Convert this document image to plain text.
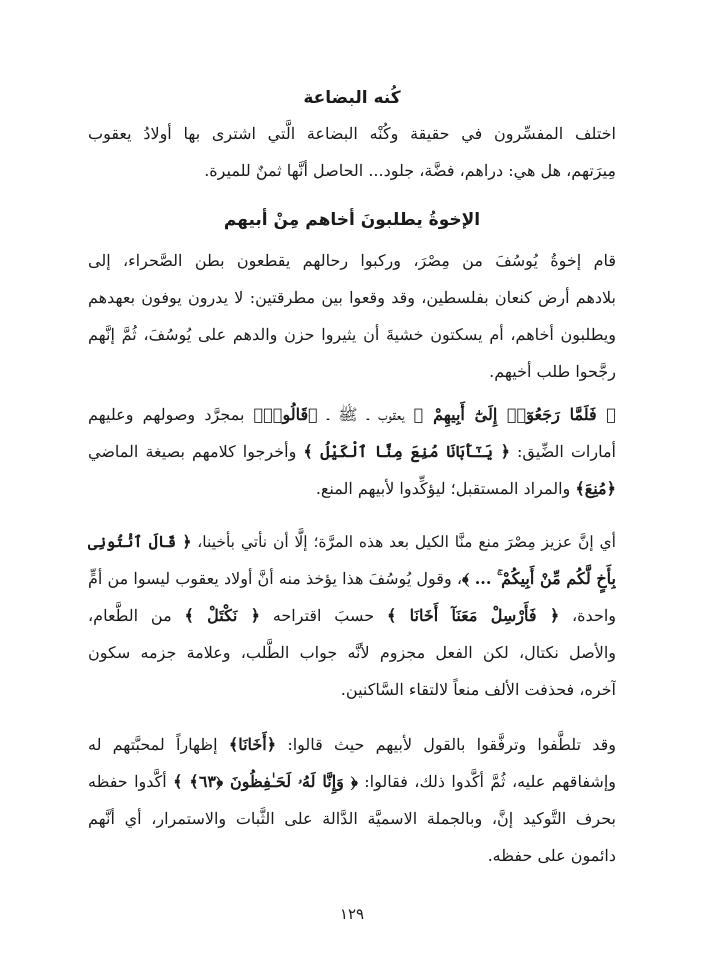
كُنه البضاعة
اختلف المفسِّرون في حقيقة وكُنْه البضاعة الَّتي اشترى بها أولادُ يعقوب
مِيرَتهم، هل هي: دراهم، فضَّة، جلود... الحاصل أنَّها ثمنٌ للميرة.
الإخوةُ يطلبونَ أخاهم مِنْ أبيهم
قام إخوةُ يُوسُفَ من مِصْرَ، وركبوا رحالهم يقطعون بطن الصَّحراء، إلى
بلادهم أرض كنعان بفلسطين، وقد وقعوا بين مطرقتين: لا يدرون يوفون بعهدهم
ويطلبون أخاهم، أم يسكتون خشيةَ أن يثيروا حزن والدهم على يُوسُفَ، ثُمَّ إنَّهم
رجَّحوا طلب أخيهم.
﴿ فَلَمَّا رَجَعُوٓا۟ إِلَىٰٓ أَبِيهِمْ ﴾ يعقوب ـ ﷺ ـ ﴿قَالُوا۟﴾ بمجرَّد وصولهم وعليهم
أمارات الضِّيق: ﴿ يَـٰٓأَبَانَا مُنِعَ مِنَّا ٱلْكَيْلُ ﴾ وأخرجوا كلامهم بصيغة الماضي
﴿مُنِعَ﴾ والمراد المستقبل؛ ليؤكِّدوا لأبيهم المنع.
أي إنَّ عزيز مِصْرَ منع منَّا الكيل بعد هذه المرَّة؛ إلَّا أن نأتي بأخينا، ﴿ قَالَ ٱئْتُونِى
بِأَخٍ لَّكُم مِّنْ أَبِيكُمْ ۚ ... ﴾، وقول يُوسُفَ هذا يؤخذ منه أنَّ أولاد يعقوب ليسوا من أمٍّ
واحدة، ﴿ فَأَرْسِلْ مَعَنَآ أَخَانَا ﴾ حسبَ اقتراحه ﴿ نَكْتَلْ ﴾ من الطَّعام،
والأصل نكتال، لكن الفعل مجزوم لأنَّه جواب الطَّلب، وعلامة جزمه سكون
آخره، فحذفت الألف منعاً لالتقاء السَّاكنين.
وقد تلطَّفوا وترفَّقوا بالقول لأبيهم حيث قالوا: ﴿أَخَانَا﴾ إظهاراً لمحبَّتهم له
وإشفاقهم عليه، ثُمَّ أكَّدوا ذلك، فقالوا: ﴿ وَإِنَّا لَهُۥ لَحَـٰفِظُونَ ﴿٦٣﴾ ﴾ أكَّدوا حفظه
بحرف التَّوكيد إنَّ، وبالجملة الاسميَّة الدَّالة على الثَّبات والاستمرار، أي أنَّهم
دائمون على حفظه.
١٢٩
